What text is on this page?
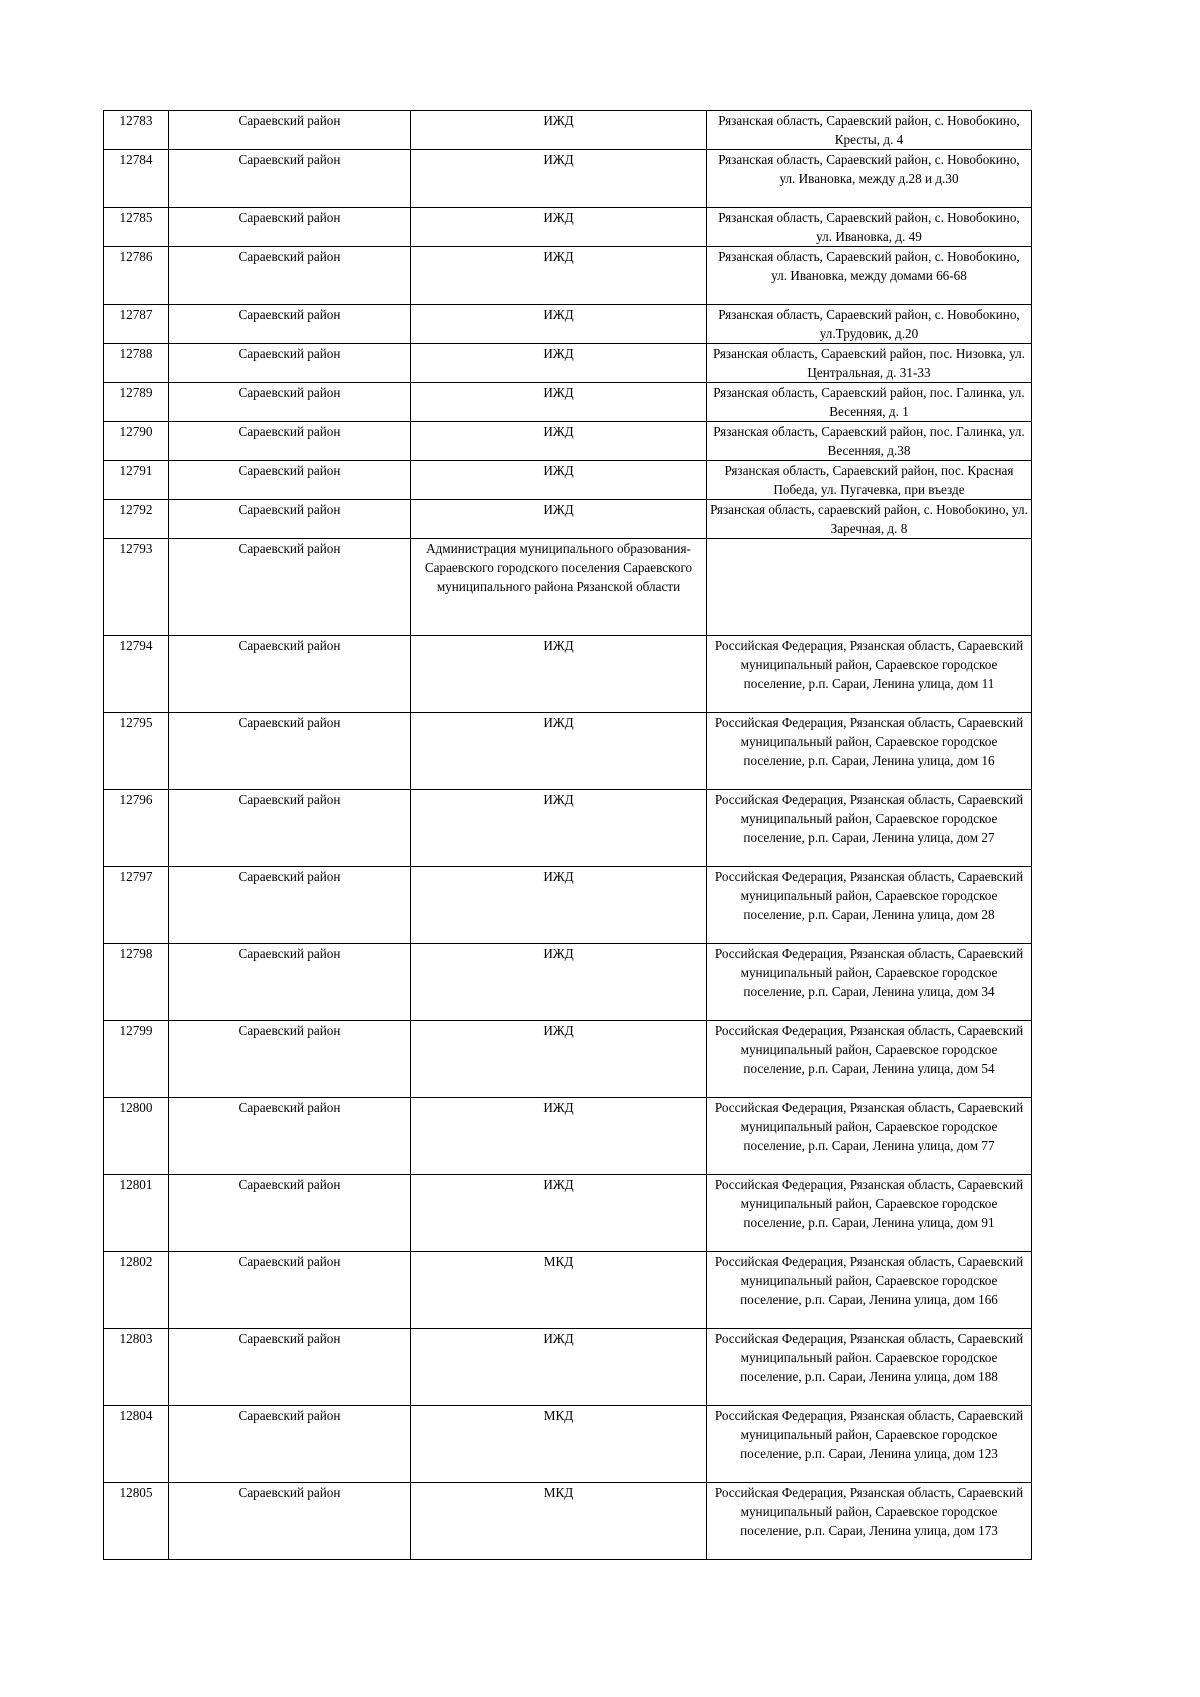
12783	Сараевский район	ИЖД	Рязанская область, Сараевский район, с. Новобокино, Кресты, д. 4

12784	Сараевский район	ИЖД	Рязанская область, Сараевский район, с. Новобокино, ул. Ивановка, между д.28 и д.30

12785	Сараевский район	ИЖД	Рязанская область, Сараевский район, с. Новобокино, ул. Ивановка, д. 49

12786	Сараевский район	ИЖД	Рязанская область, Сараевский район, с. Новобокино, ул. Ивановка, между домами 66-68

12787	Сараевский район	ИЖД	Рязанская область, Сараевский район, с. Новобокино, ул.Трудовик, д.20

12788	Сараевский район	ИЖД	Рязанская область, Сараевский район, пос. Низовка, ул. Центральная, д. 31-33

12789	Сараевский район	ИЖД	Рязанская область, Сараевский район, пос. Галинка, ул. Весенняя, д. 1

12790	Сараевский район	ИЖД	Рязанская область, Сараевский район, пос. Галинка, ул. Весенняя, д.38

12791	Сараевский район	ИЖД	Рязанская область, Сараевский район, пос. Красная Победа, ул. Пугачевка, при въезде

12792	Сараевский район	ИЖД	Рязанская область, сараевский район, с. Новобокино, ул. Заречная, д. 8

12793	Сараевский район	Администрация муниципального образования-Сараевского городского поселения Сараевского муниципального района Рязанской области	

12794	Сараевский район	ИЖД	Российская Федерация, Рязанская область, Сараевский муниципальный район, Сараевское городское поселение, р.п. Сараи, Ленина улица, дом 11

12795	Сараевский район	ИЖД	Российская Федерация, Рязанская область, Сараевский муниципальный район, Сараевское городское поселение, р.п. Сараи, Ленина улица, дом 16

12796	Сараевский район	ИЖД	Российская Федерация, Рязанская область, Сараевский муниципальный район, Сараевское городское поселение, р.п. Сараи, Ленина улица, дом 27

12797	Сараевский район	ИЖД	Российская Федерация, Рязанская область, Сараевский муниципальный район, Сараевское городское поселение, р.п. Сараи, Ленина улица, дом 28

12798	Сараевский район	ИЖД	Российская Федерация, Рязанская область, Сараевский муниципальный район, Сараевское городское поселение, р.п. Сараи, Ленина улица, дом 34

12799	Сараевский район	ИЖД	Российская Федерация, Рязанская область, Сараевский муниципальный район, Сараевское городское поселение, р.п. Сараи, Ленина улица, дом 54

12800	Сараевский район	ИЖД	Российская Федерация, Рязанская область, Сараевский муниципальный район, Сараевское городское поселение, р.п. Сараи, Ленина улица, дом 77

12801	Сараевский район	ИЖД	Российская Федерация, Рязанская область, Сараевский муниципальный район, Сараевское городское поселение, р.п. Сараи, Ленина улица, дом 91

12802	Сараевский район	МКД	Российская Федерация, Рязанская область, Сараевский муниципальный район, Сараевское городское поселение, р.п. Сараи, Ленина улица, дом 166

12803	Сараевский район	ИЖД	Российская Федерация, Рязанская область, Сараевский муниципальный район. Сараевское городское поселение, р.п. Сараи, Ленина улица, дом 188

12804	Сараевский район	МКД	Российская Федерация, Рязанская область, Сараевский муниципальный район, Сараевское городское поселение, р.п. Сараи, Ленина улица, дом 123

12805	Сараевский район	МКД	Российская Федерация, Рязанская область, Сараевский муниципальный район, Сараевское городское поселение, р.п. Сараи, Ленина улица, дом 173
